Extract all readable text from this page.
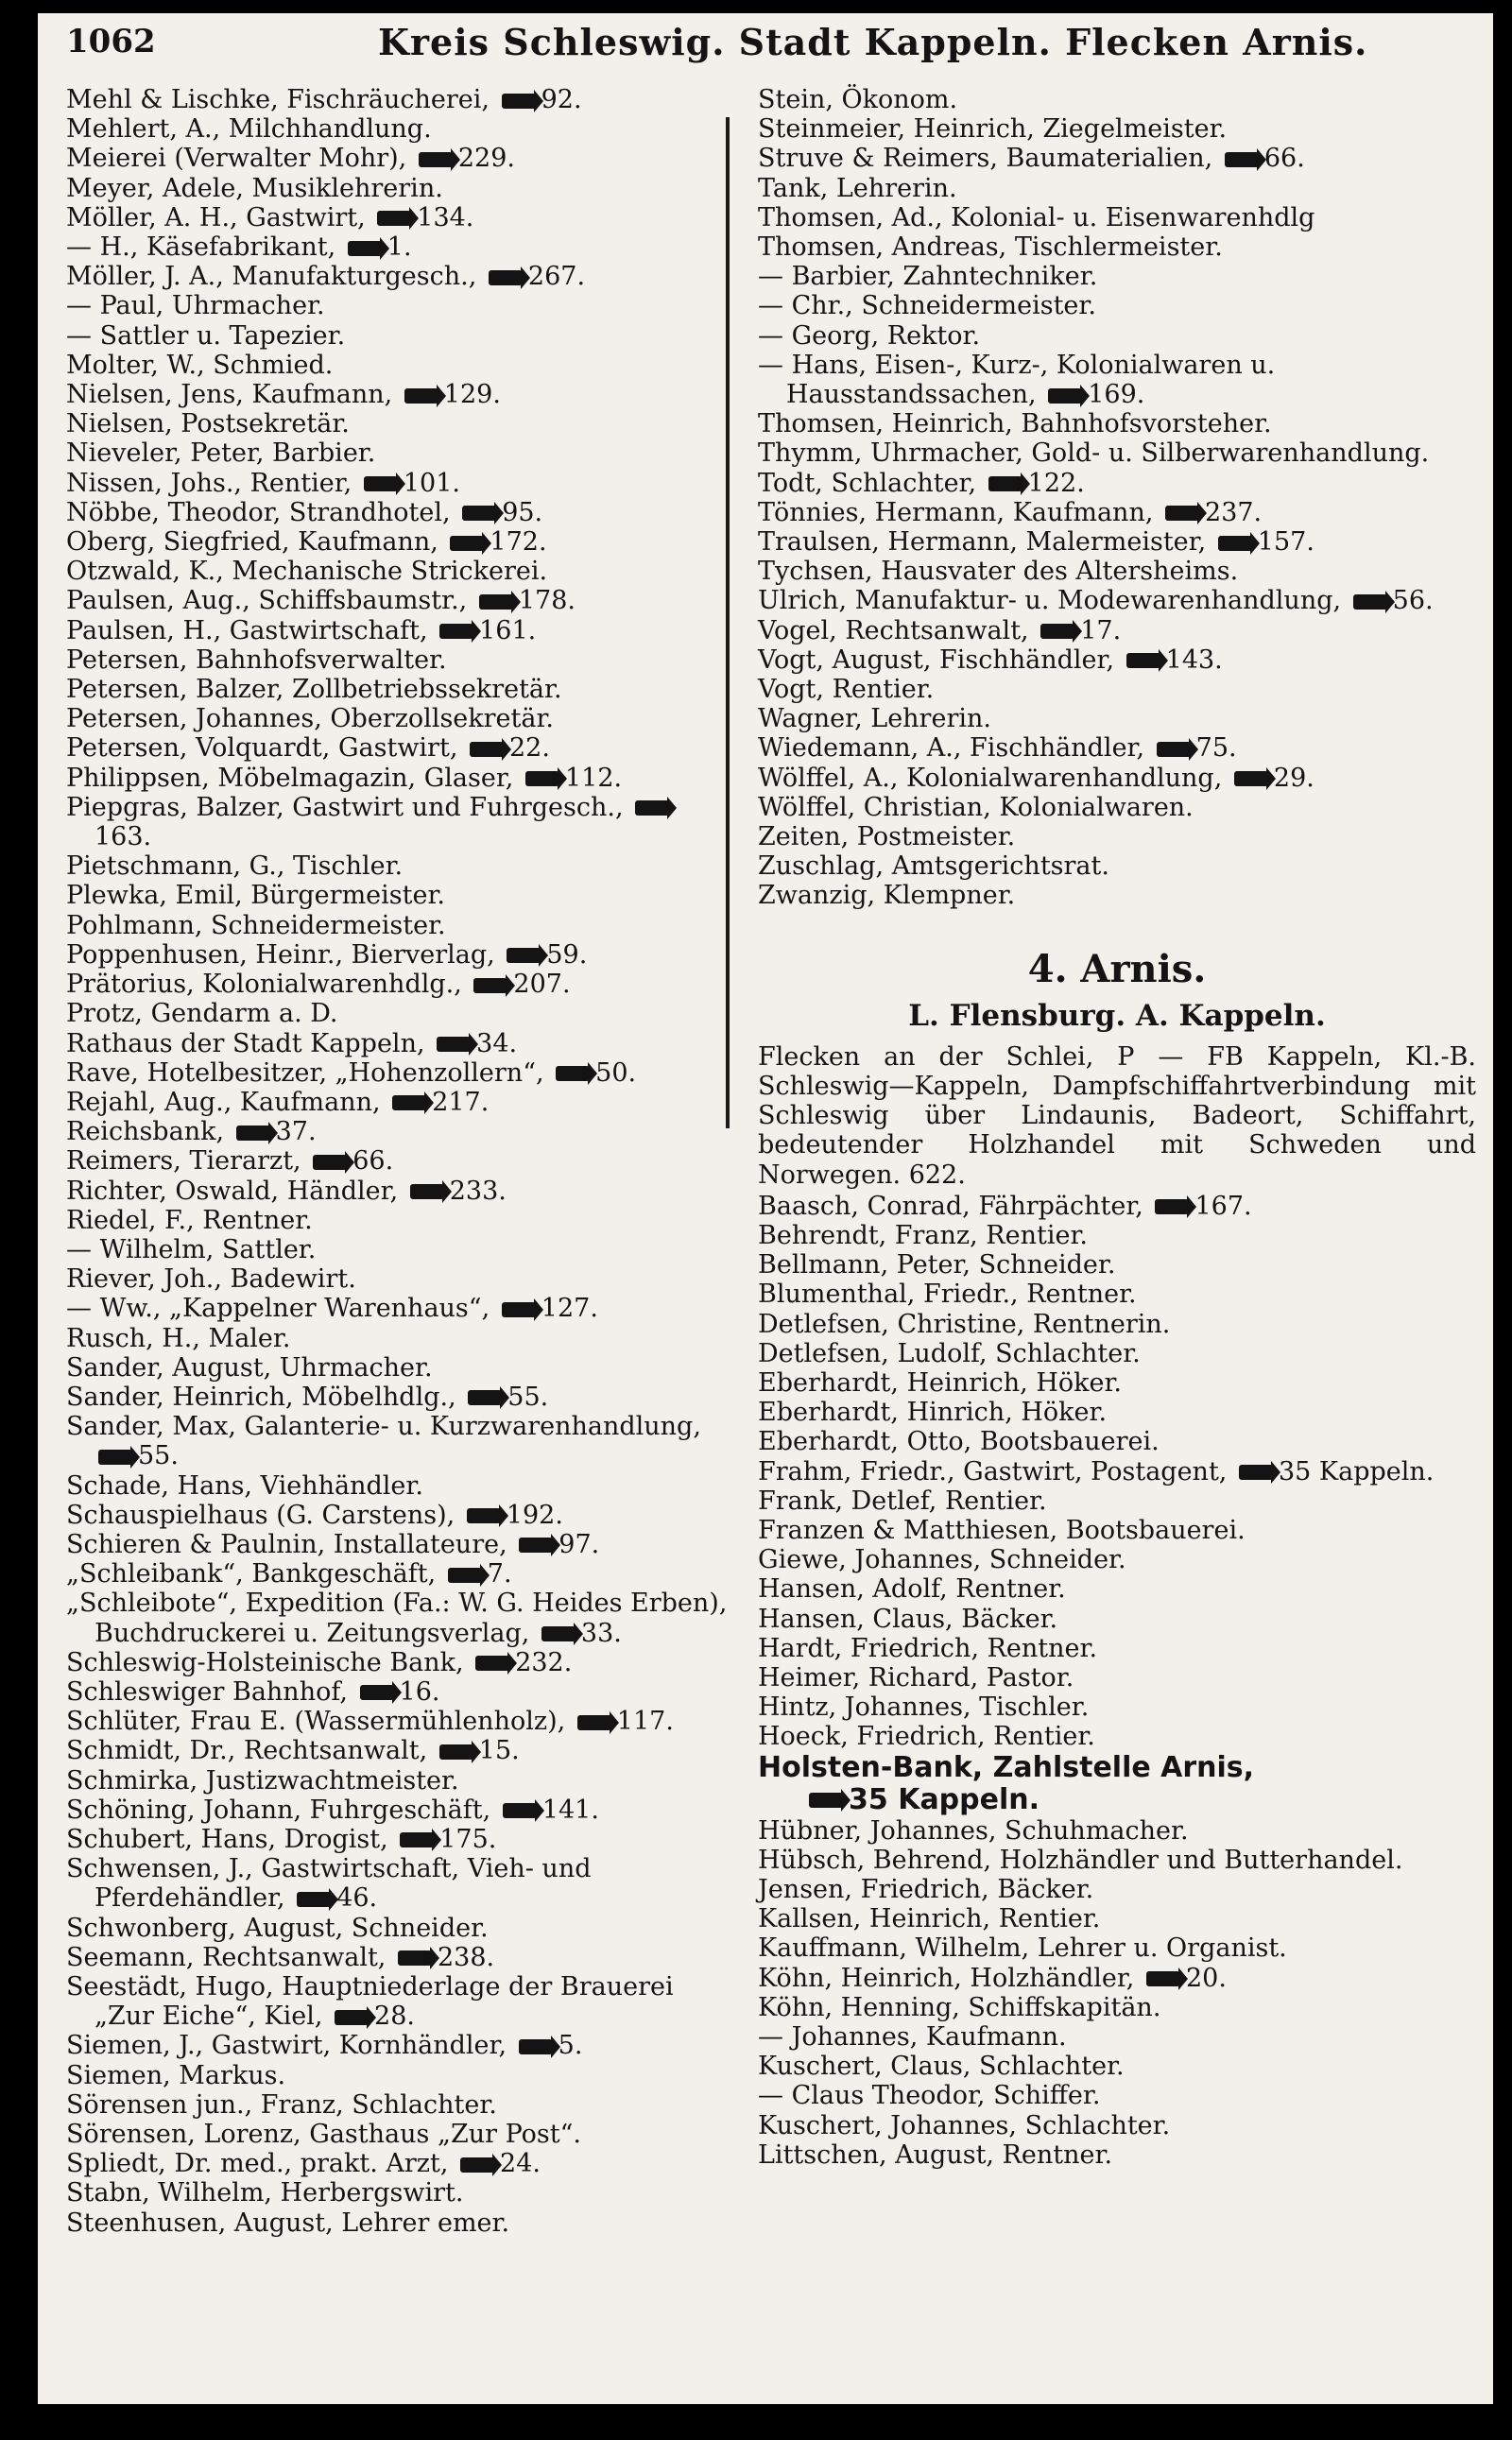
1062	Kreis Schleswig. Stadt Kappeln. Flecken Arnis.
Mehl & Lischke, Fischräucherei, 92.
Mehlert, A., Milchhandlung.
Meierei (Verwalter Mohr), 229.
Meyer, Adele, Musiklehrerin.
Möller, A. H., Gastwirt, 134.
— H., Käsefabrikant, 1.
Möller, J. A., Manufakturgesch., 267.
— Paul, Uhrmacher.
— Sattler u. Tapezier.
Molter, W., Schmied.
Nielsen, Jens, Kaufmann, 129.
Nielsen, Postsekretär.
Nieveler, Peter, Barbier.
Nissen, Johs., Rentier, 101.
Nöbbe, Theodor, Strandhotel, 95.
Oberg, Siegfried, Kaufmann, 172.
Otzwald, K., Mechanische Strickerei.
Paulsen, Aug., Schiffsbaumstr., 178.
Paulsen, H., Gastwirtschaft, 161.
Petersen, Bahnhofsverwalter.
Petersen, Balzer, Zollbetriebssekretär.
Petersen, Johannes, Oberzollsekretär.
Petersen, Volquardt, Gastwirt, 22.
Philippsen, Möbelmagazin, Glaser, 112.
Piepgras, Balzer, Gastwirt und Fuhrgesch., 163.
Pietschmann, G., Tischler.
Plewka, Emil, Bürgermeister.
Pohlmann, Schneidermeister.
Poppenhusen, Heinr., Bierverlag, 59.
Prätorius, Kolonialwarenhdlg., 207.
Protz, Gendarm a. D.
Rathaus der Stadt Kappeln, 34.
Rave, Hotelbesitzer, „Hohenzollern“, 50.
Rejahl, Aug., Kaufmann, 217.
Reichsbank, 37.
Reimers, Tierarzt, 66.
Richter, Oswald, Händler, 233.
Riedel, F., Rentner.
— Wilhelm, Sattler.
Riever, Joh., Badewirt.
— Ww., „Kappelner Warenhaus“, 127.
Rusch, H., Maler.
Sander, August, Uhrmacher.
Sander, Heinrich, Möbelhdlg., 55.
Sander, Max, Galanterie- u. Kurzwarenhandlung, 55.
Schade, Hans, Viehhändler.
Schauspielhaus (G. Carstens), 192.
Schieren & Paulnin, Installateure, 97.
„Schleibank“, Bankgeschäft, 7.
„Schleibote“, Expedition (Fa.: W. G. Heides Erben), Buchdruckerei u. Zeitungsverlag, 33.
Schleswig-Holsteinische Bank, 232.
Schleswiger Bahnhof, 16.
Schlüter, Frau E. (Wassermühlenholz), 117.
Schmidt, Dr., Rechtsanwalt, 15.
Schmirka, Justizwachtmeister.
Schöning, Johann, Fuhrgeschäft, 141.
Schubert, Hans, Drogist, 175.
Schwensen, J., Gastwirtschaft, Vieh- und Pferdehändler, 46.
Schwonberg, August, Schneider.
Seemann, Rechtsanwalt, 238.
Seestädt, Hugo, Hauptniederlage der Brauerei „Zur Eiche“, Kiel, 28.
Siemen, J., Gastwirt, Kornhändler, 5.
Siemen, Markus.
Sörensen jun., Franz, Schlachter.
Sörensen, Lorenz, Gasthaus „Zur Post“.
Spliedt, Dr. med., prakt. Arzt, 24.
Stabn, Wilhelm, Herbergswirt.
Steenhusen, August, Lehrer emer.
Stein, Ökonom.
Steinmeier, Heinrich, Ziegelmeister.
Struve & Reimers, Baumaterialien, 66.
Tank, Lehrerin.
Thomsen, Ad., Kolonial- u. Eisenwarenhdlg
Thomsen, Andreas, Tischlermeister.
— Barbier, Zahntechniker.
— Chr., Schneidermeister.
— Georg, Rektor.
— Hans, Eisen-, Kurz-, Kolonialwaren u. Hausstandssachen, 169.
Thomsen, Heinrich, Bahnhofsvorsteher.
Thymm, Uhrmacher, Gold- u. Silberwarenhandlung.
Todt, Schlachter, 122.
Tönnies, Hermann, Kaufmann, 237.
Traulsen, Hermann, Malermeister, 157.
Tychsen, Hausvater des Altersheims.
Ulrich, Manufaktur- u. Modewarenhandlung, 56.
Vogel, Rechtsanwalt, 17.
Vogt, August, Fischhändler, 143.
Vogt, Rentier.
Wagner, Lehrerin.
Wiedemann, A., Fischhändler, 75.
Wölffel, A., Kolonialwarenhandlung, 29.
Wölffel, Christian, Kolonialwaren.
Zeiten, Postmeister.
Zuschlag, Amtsgerichtsrat.
Zwanzig, Klempner.
4. Arnis.
L. Flensburg. A. Kappeln.
Flecken an der Schlei, P — FB Kappeln, Kl.-B. Schleswig—Kappeln, Dampfschiffahrtverbindung mit Schleswig über Lindaunis, Badeort, Schiffahrt, bedeutender Holzhandel mit Schweden und Norwegen. 622.
Baasch, Conrad, Fährpächter, 167.
Behrendt, Franz, Rentier.
Bellmann, Peter, Schneider.
Blumenthal, Friedr., Rentner.
Detlefsen, Christine, Rentnerin.
Detlefsen, Ludolf, Schlachter.
Eberhardt, Heinrich, Höker.
Eberhardt, Hinrich, Höker.
Eberhardt, Otto, Bootsbauerei.
Frahm, Friedr., Gastwirt, Postagent, 35 Kappeln.
Frank, Detlef, Rentier.
Franzen & Matthiesen, Bootsbauerei.
Giewe, Johannes, Schneider.
Hansen, Adolf, Rentner.
Hansen, Claus, Bäcker.
Hardt, Friedrich, Rentner.
Heimer, Richard, Pastor.
Hintz, Johannes, Tischler.
Hoeck, Friedrich, Rentier.
Holsten-Bank, Zahlstelle Arnis,
35 Kappeln.
Hübner, Johannes, Schuhmacher.
Hübsch, Behrend, Holzhändler und Butterhandel.
Jensen, Friedrich, Bäcker.
Kallsen, Heinrich, Rentier.
Kauffmann, Wilhelm, Lehrer u. Organist.
Köhn, Heinrich, Holzhändler, 20.
Köhn, Henning, Schiffskapitän.
— Johannes, Kaufmann.
Kuschert, Claus, Schlachter.
— Claus Theodor, Schiffer.
Kuschert, Johannes, Schlachter.
Littschen, August, Rentner.
